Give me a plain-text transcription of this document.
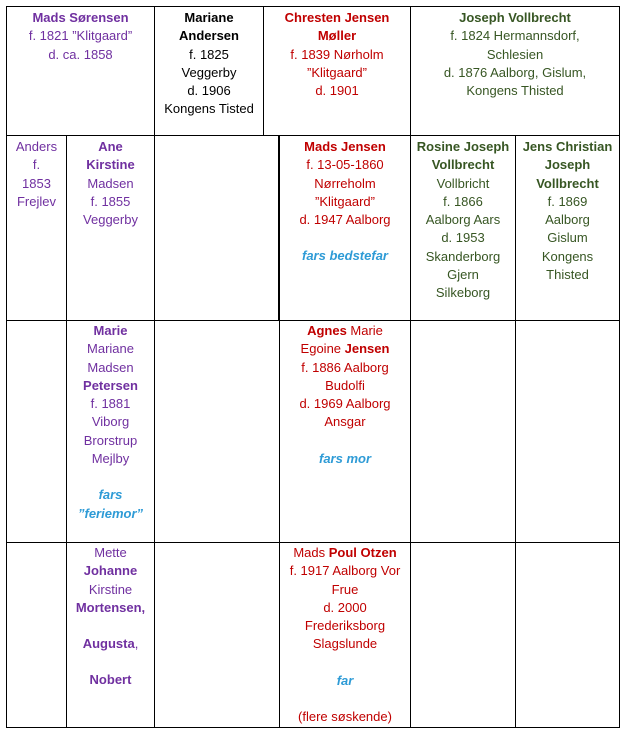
Mads Sørensen
f. 1821 ”Klitgaard”
d. ca. 1858
Mariane
Andersen
f. 1825
Veggerby
d. 1906
Kongens Tisted
Chresten Jensen
Møller
f. 1839 Nørholm
”Klitgaard”
d. 1901
Joseph Vollbrecht
f. 1824 Hermannsdorf,
Schlesien
d. 1876 Aalborg, Gislum,
Kongens Thisted
Anders
f.
1853
Frejlev
Ane
Kirstine
Madsen
f. 1855
Veggerby
Mads Jensen
f. 13-05-1860
Nørreholm
”Klitgaard”
d. 1947 Aalborg
fars bedstefar
Rosine Joseph
Vollbrecht
Vollbricht
f. 1866
Aalborg Aars
d. 1953
Skanderborg
Gjern
Silkeborg
Jens Christian
Joseph
Vollbrecht
f. 1869
Aalborg
Gislum
Kongens
Thisted
Marie
Mariane
Madsen
Petersen
f. 1881
Viborg
Brorstrup
Mejlby
fars
”feriemor”
Agnes Marie
Egoine Jensen
f. 1886 Aalborg
Budolfi
d. 1969 Aalborg
Ansgar
fars mor
Mette
Johanne
Kirstine
Mortensen,
Augusta,
Nobert
Mads Poul Otzen
f. 1917 Aalborg Vor
Frue
d. 2000
Frederiksborg
Slagslunde
far
(flere søskende)
